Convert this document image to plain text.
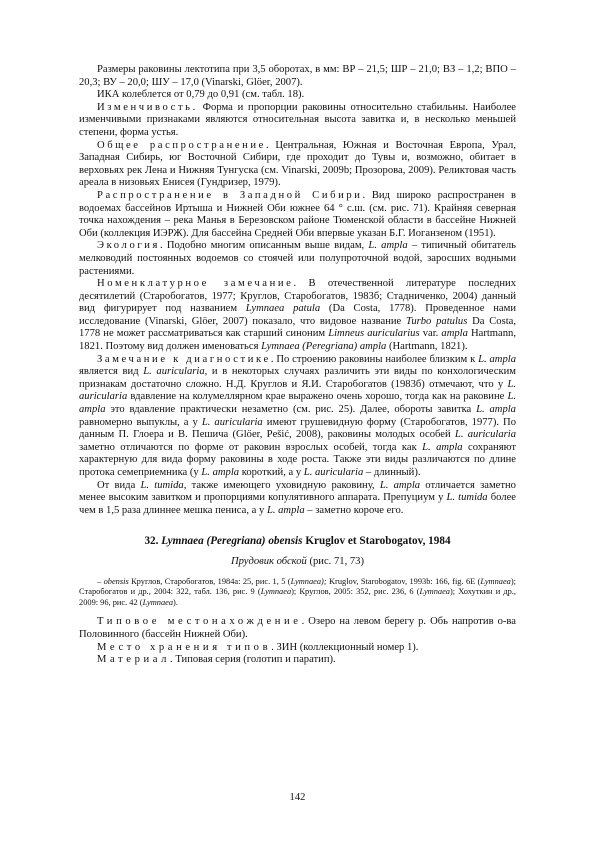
Размеры раковины лектотипа при 3,5 оборотах, в мм: ВР – 21,5; ШР – 21,0; ВЗ – 1,2; ВПО – 20,3; ВУ – 20,0; ШУ – 17,0 (Vinarski, Glöer, 2007).

ИКА колеблется от 0,79 до 0,91 (см. табл. 18).

Изменчивость. Форма и пропорции раковины относительно стабильны. Наиболее изменчивыми признаками являются относительная высота завитка и, в несколько меньшей степени, форма устья.

Общее распространение. Центральная, Южная и Восточная Европа, Урал, Западная Сибирь, юг Восточной Сибири, где проходит до Тувы и, возможно, обитает в верховьях рек Лена и Нижняя Тунгуска (см. Vinarski, 2009b; Прозорова, 2009). Реликтовая часть ареала в низовьях Енисея (Гундризер, 1979).

Распространение в Западной Сибири. Вид широко распространен в водоемах бассейнов Иртыша и Нижней Оби южнее 64 ° с.ш. (см. рис. 71). Крайняя северная точка нахождения – река Манья в Березовском районе Тюменской области в бассейне Нижней Оби (коллекция ИЭРЖ). Для бассейна Средней Оби впервые указан Б.Г. Иоганзеном (1951).

Экология. Подобно многим описанным выше видам, L. ampla – типичный обитатель мелководий постоянных водоемов со стоячей или полупроточной водой, заросших водными растениями.

Номенклатурное замечание. В отечественной литературе последних десятилетий (Старобогатов, 1977; Круглов, Старобогатов, 1983б; Стадниченко, 2004) данный вид фигурирует под названием Lymnaea patula (Da Costa, 1778). Проведенное нами исследование (Vinarski, Glöer, 2007) показало, что видовое название Turbo patulus Da Costa, 1778 не может рассматриваться как старший синоним Limneus auricularius var. ampla Hartmann, 1821. Поэтому вид должен именоваться Lymnaea (Peregriana) ampla (Hartmann, 1821).

Замечание к диагностике. По строению раковины наиболее близким к L. ampla является вид L. auricularia, и в некоторых случаях различить эти виды по конхологическим признакам достаточно сложно. Н.Д. Круглов и Я.И. Старобогатов (1983б) отмечают, что у L. auricularia вдавление на колумеллярном крае выражено очень хорошо, тогда как на раковине L. ampla это вдавление практически незаметно (см. рис. 25). Далее, обороты завитка L. ampla равномерно выпуклы, а у L. auricularia имеют грушевидную форму (Старобогатов, 1977). По данным П. Глоера и В. Пешича (Glöer, Pešić, 2008), раковины молодых особей L. auricularia заметно отличаются по форме от раковин взрослых особей, тогда как L. ampla сохраняют характерную для вида форму раковины в ходе роста. Также эти виды различаются по длине протока семеприемника (у L. ampla короткий, а у L. auricularia – длинный).

От вида L. tumida, также имеющего уховидную раковину, L. ampla отличается заметно менее высоким завитком и пропорциями копулятивного аппарата. Препуциум у L. tumida более чем в 1,5 раза длиннее мешка пениса, а у L. ampla – заметно короче его.

32. Lymnaea (Peregriana) obensis Kruglov et Starobogatov, 1984

Прудовик обской (рис. 71, 73)

– obensis Круглов, Старобогатов, 1984a: 25, рис. 1, 5 (Lymnaea); Kruglov, Starobogatov, 1993b: 166, fig. 6E (Lymnaea); Старобогатов и др., 2004: 322, табл. 136, рис. 9 (Lymnaea); Круглов, 2005: 352, рис. 236, 6 (Lymnaea); Хохуткин и др., 2009: 96, рис. 42 (Lymnaea).

Типовое местонахождение. Озеро на левом берегу р. Обь напротив о-ва Половинного (бассейн Нижней Оби).

Место хранения типов. ЗИН (коллекционный номер 1).

Материал. Типовая серия (голотип и паратип).

142
